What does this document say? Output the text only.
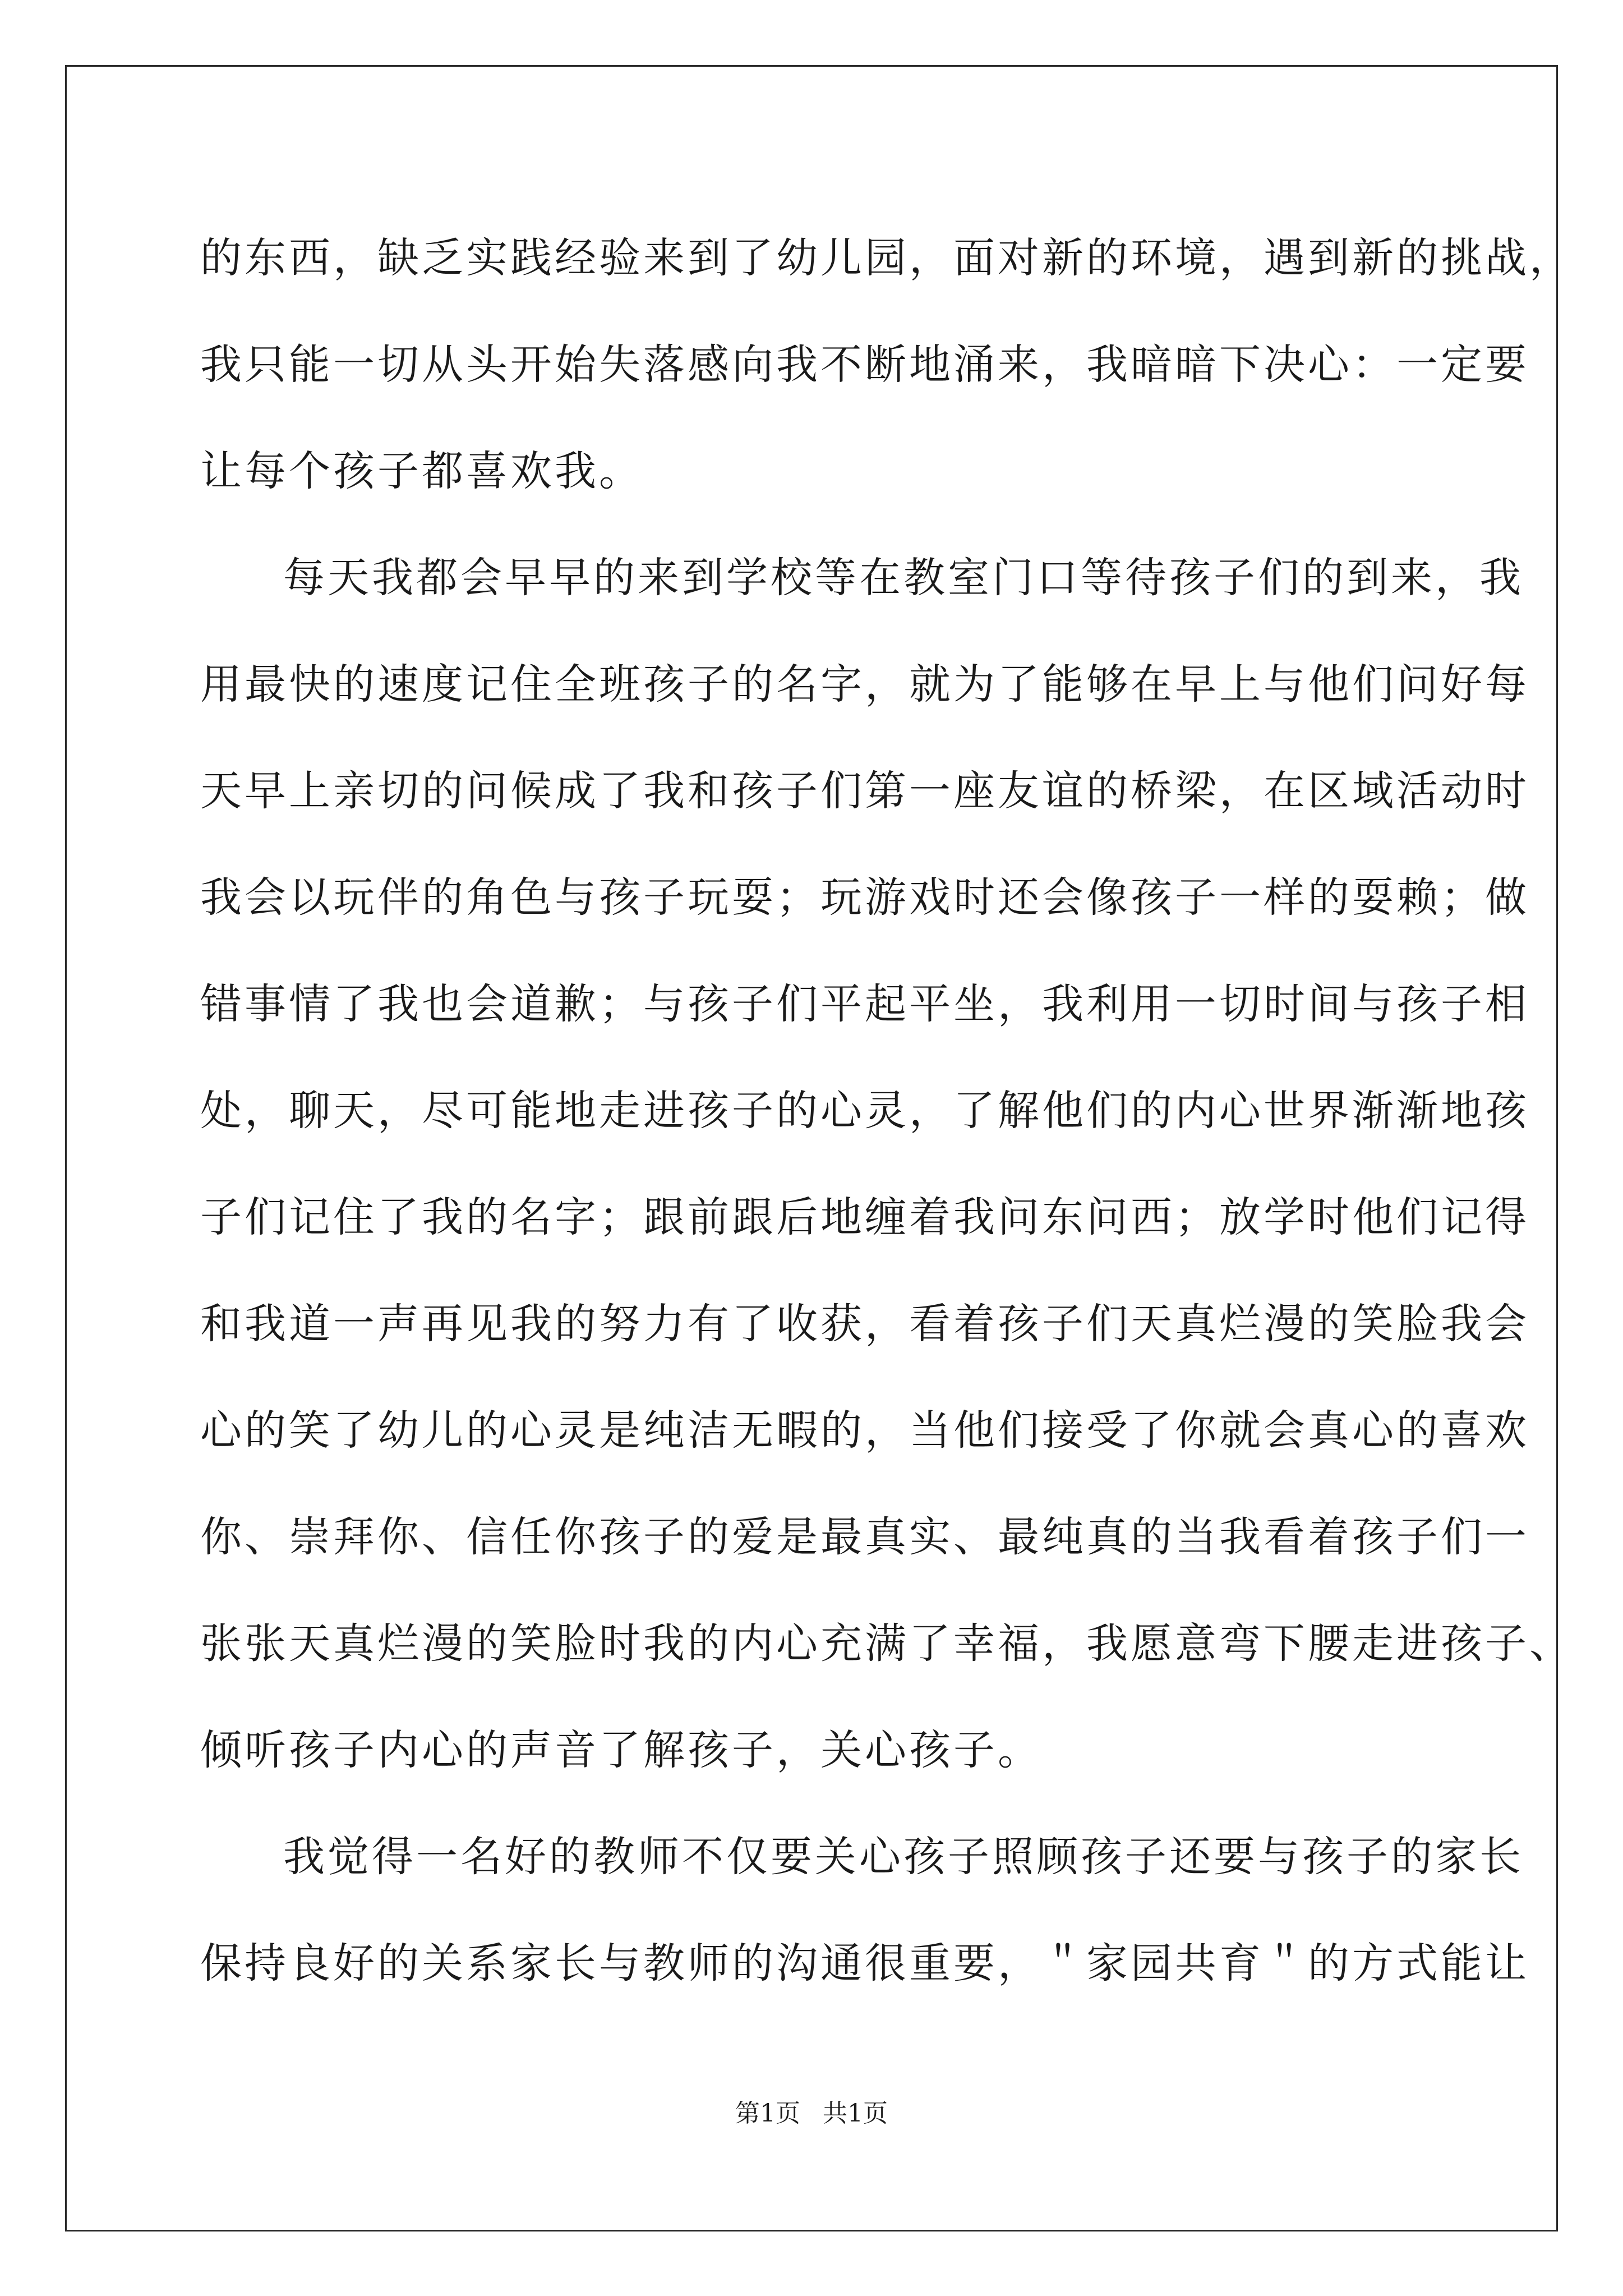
的东西，缺乏实践经验来到了幼儿园，面对新的环境，遇到新的挑战，
我只能一切从头开始失落感向我不断地涌来，我暗暗下决心：一定要
让每个孩子都喜欢我。
每天我都会早早的来到学校等在教室门口等待孩子们的到来，我
用最快的速度记住全班孩子的名字，就为了能够在早上与他们问好每
天早上亲切的问候成了我和孩子们第一座友谊的桥梁，在区域活动时
我会以玩伴的角色与孩子玩耍；玩游戏时还会像孩子一样的耍赖；做
错事情了我也会道歉；与孩子们平起平坐，我利用一切时间与孩子相
处，聊天，尽可能地走进孩子的心灵，了解他们的内心世界渐渐地孩
子们记住了我的名字；跟前跟后地缠着我问东问西；放学时他们记得
和我道一声再见我的努力有了收获，看着孩子们天真烂漫的笑脸我会
心的笑了幼儿的心灵是纯洁无暇的，当他们接受了你就会真心的喜欢
你、崇拜你、信任你孩子的爱是最真实、最纯真的当我看着孩子们一
张张天真烂漫的笑脸时我的内心充满了幸福，我愿意弯下腰走进孩子、
倾听孩子内心的声音了解孩子，关心孩子。
我觉得一名好的教师不仅要关心孩子照顾孩子还要与孩子的家长
保持良好的关系家长与教师的沟通很重要，＂家园共育＂的方式能让
第1页 共1页
